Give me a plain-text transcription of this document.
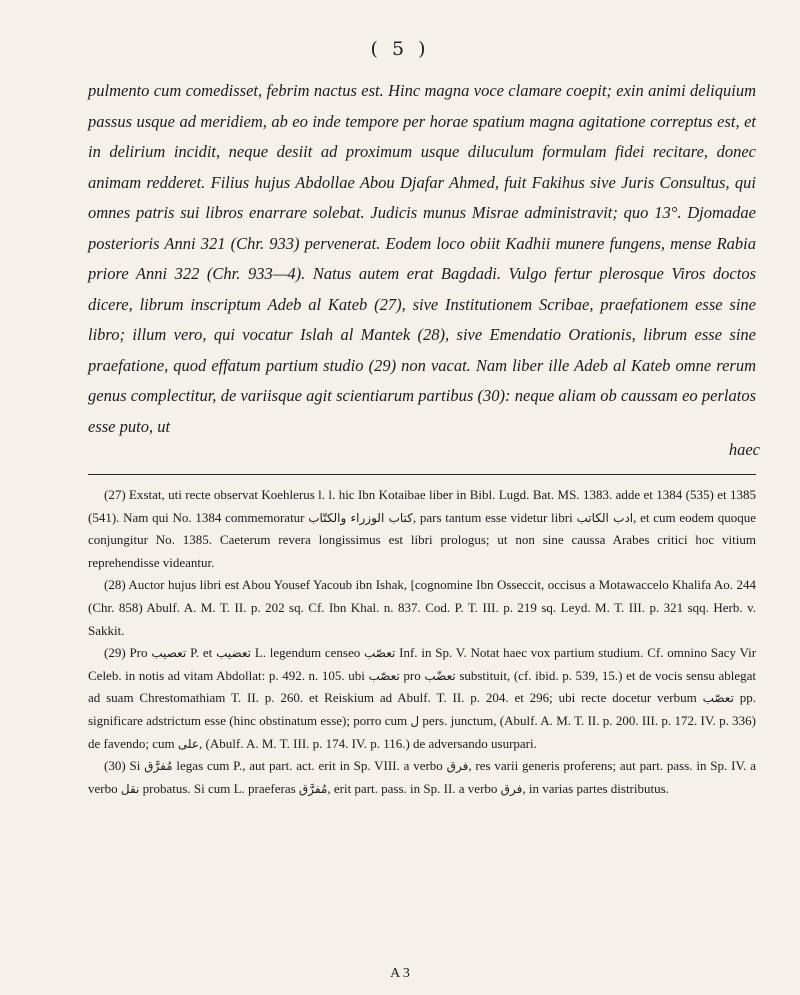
( 5 )

pulmento cum comedisset, febrim nactus est. Hinc magna voce clamare coepit; exin animi deliquium passus usque ad meridiem, ab eo inde tempore per horae spatium magna agitatione correptus est, et in delirium incidit, neque desiit ad proximum usque diluculum formulam fidei recitare, donec animam redderet. Filius hujus Abdollae Abou Djafar Ahmed, fuit Fakihus sive Juris Consultus, qui omnes patris sui libros enarrare solebat. Judicis munus Misrae administravit; quo 13°. Djomadae posterioris Anni 321 (Chr. 933) pervenerat. Eodem loco obiit Kadhii munere fungens, mense Rabia priore Anni 322 (Chr. 933—4). Natus autem erat Bagdadi. Vulgo fertur plerosque Viros doctos dicere, librum inscriptum Adeb al Kateb (27), sive Institutionem Scribae, praefationem esse sine libro; illum vero, qui vocatur Islah al Mantek (28), sive Emendatio Orationis, librum esse sine praefatione, quod effatum partium studio (29) non vacat. Nam liber ille Adeb al Kateb omne rerum genus complectitur, de variisque agit scientiarum partibus (30): neque aliam ob caussam eo perlatos esse puto, ut

haec

(27) Exstat, uti recte observat Koehlerus l. l. hic Ibn Kotaibae liber in Bibl. Lugd. Bat. MS. 1383. adde et 1384 (535) et 1385 (541). Nam qui No. 1384 commemoratur كتاب الوزراء والكتّاب, pars tantum esse videtur libri ادب الكاتب, et cum eodem quoque conjungitur No. 1385. Caeterum revera longissimus est libri prologus; ut non sine caussa Arabes critici hoc vitium reprehendisse videantur.

(28) Auctor hujus libri est Abou Yousef Yacoub ibn Ishak, [cognomine Ibn Osseccit, occisus a Motawaccelo Khalifa Ao. 244 (Chr. 858) Abulf. A. M. T. II. p. 202 sq. Cf. Ibn Khal. n. 837. Cod. P. T. III. p. 219 sq. Leyd. M. T. III. p. 321 sqq. Herb. v. Sakkit.

(29) Pro تعصيب P. et تعضيب L. legendum censeo تعصّب Inf. in Sp. V. Notat haec vox partium studium. Cf. omnino Sacy Vir Celeb. in notis ad vitam Abdollat: p. 492. n. 105. ubi تعصّب pro تعضّب substituit, (cf. ibid. p. 539, 15.) et de vocis sensu ablegat ad suam Chrestomathiam T. II. p. 260. et Reiskium ad Abulf. T. II. p. 204. et 296; ubi recte docetur verbum تعصّب pp. significare adstrictum esse (hinc obstinatum esse); porro cum ل pers. junctum, (Abulf. A. M. T. II. p. 200. III. p. 172. IV. p. 336) de favendo; cum على, (Abulf. A. M. T. III. p. 174. IV. p. 116.) de adversando usurpari.

(30) Si مُفرَّق legas cum P., aut part. act. erit in Sp. VIII. a verbo فرق, res varii generis proferens; aut part. pass. in Sp. IV. a verbo نقل probatus. Si cum L. praeferas مُفرَّق, erit part. pass. in Sp. II. a verbo فرق, in varias partes distributus.

A 3
